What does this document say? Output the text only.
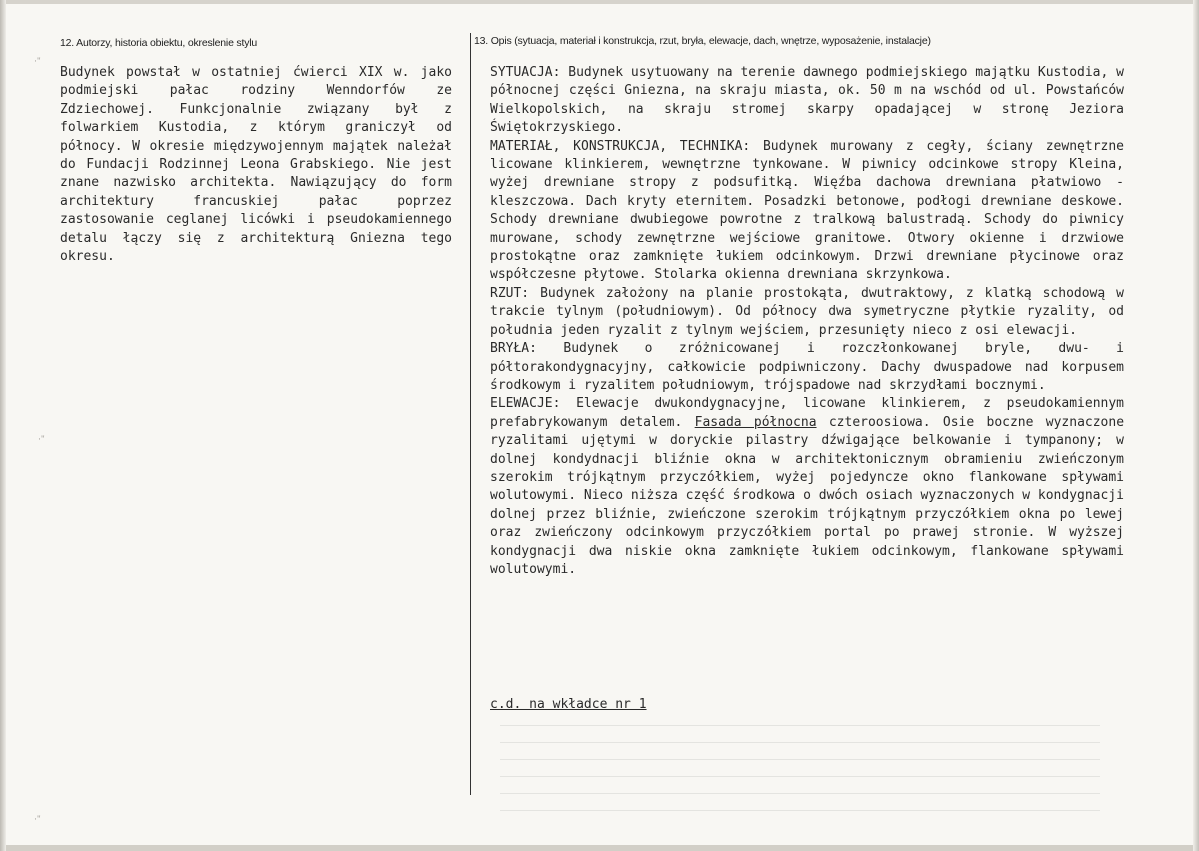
·"
·"
·"
12. Autorzy, historia obiektu, okreslenie stylu	13. Opis (sytuacja, materiał i konstrukcja, rzut, bryła, elewacje, dach, wnętrze, wyposażenie, instalacje)

Budynek powstał w ostatniej ćwierci XIX w. jako podmiejski pałac rodziny Wenndorfów ze Zdziechowej. Funkcjonalnie związany był z folwarkiem Kustodia, z którym graniczył od północy. W okresie międzywojennym majątek należał do Fundacji Rodzinnej Leona Grabskiego. Nie jest znane nazwisko architekta. Nawiązujący do form architektury francuskiej pałac poprzez zastosowanie ceglanej licówki i pseudokamiennego detalu łączy się z architekturą Gniezna tego okresu.

SYTUACJA: Budynek usytuowany na terenie dawnego podmiejskiego majątku Kustodia, w północnej części Gniezna, na skraju miasta, ok. 50 m na wschód od ul. Powstańców Wielkopolskich, na skraju stromej skarpy opadającej w stronę Jeziora Świętokrzyskiego.

MATERIAŁ, KONSTRUKCJA, TECHNIKA: Budynek murowany z cegły, ściany zewnętrzne licowane klinkierem, wewnętrzne tynkowane. W piwnicy odcinkowe stropy Kleina, wyżej drewniane stropy z podsufitką. Więźba dachowa drewniana płatwiowo - kleszczowa. Dach kryty eternitem. Posadzki betonowe, podłogi drewniane deskowe. Schody drewniane dwubiegowe powrotne z tralkową balustradą. Schody do piwnicy murowane, schody zewnętrzne wejściowe granitowe. Otwory okienne i drzwiowe prostokątne oraz zamknięte łukiem odcinkowym. Drzwi drewniane płycinowe oraz współczesne płytowe. Stolarka okienna drewniana skrzynkowa.

RZUT: Budynek założony na planie prostokąta, dwutraktowy, z klatką schodową w trakcie tylnym (południowym). Od północy dwa symetryczne płytkie ryzality, od południa jeden ryzalit z tylnym wejściem, przesunięty nieco z osi elewacji.

BRYŁA: Budynek o zróżnicowanej i rozczłonkowanej bryle, dwu- i półtorakondygnacyjny, całkowicie podpiwniczony. Dachy dwuspadowe nad korpusem środkowym i ryzalitem południowym, trójspadowe nad skrzydłami bocznymi.

ELEWACJE: Elewacje dwukondygnacyjne, licowane klinkierem, z pseudokamiennym prefabrykowanym detalem. Fasada północna czteroosiowa. Osie boczne wyznaczone ryzalitami ujętymi w doryckie pilastry dźwigające belkowanie i tympanony; w dolnej kondydnacji bliźnie okna w architektonicznym obramieniu zwieńczonym szerokim trójkątnym przyczółkiem, wyżej pojedyncze okno flankowane spływami wolutowymi. Nieco niższa część środkowa o dwóch osiach wyznaczonych w kondygnacji dolnej przez bliźnie, zwieńczone szerokim trójkątnym przyczółkiem okna po lewej oraz zwieńczony odcinkowym przyczółkiem portal po prawej stronie. W wyższej kondygnacji dwa niskie okna zamknięte łukiem odcinkowym, flankowane spływami wolutowymi.

c.d. na wkładce nr 1
